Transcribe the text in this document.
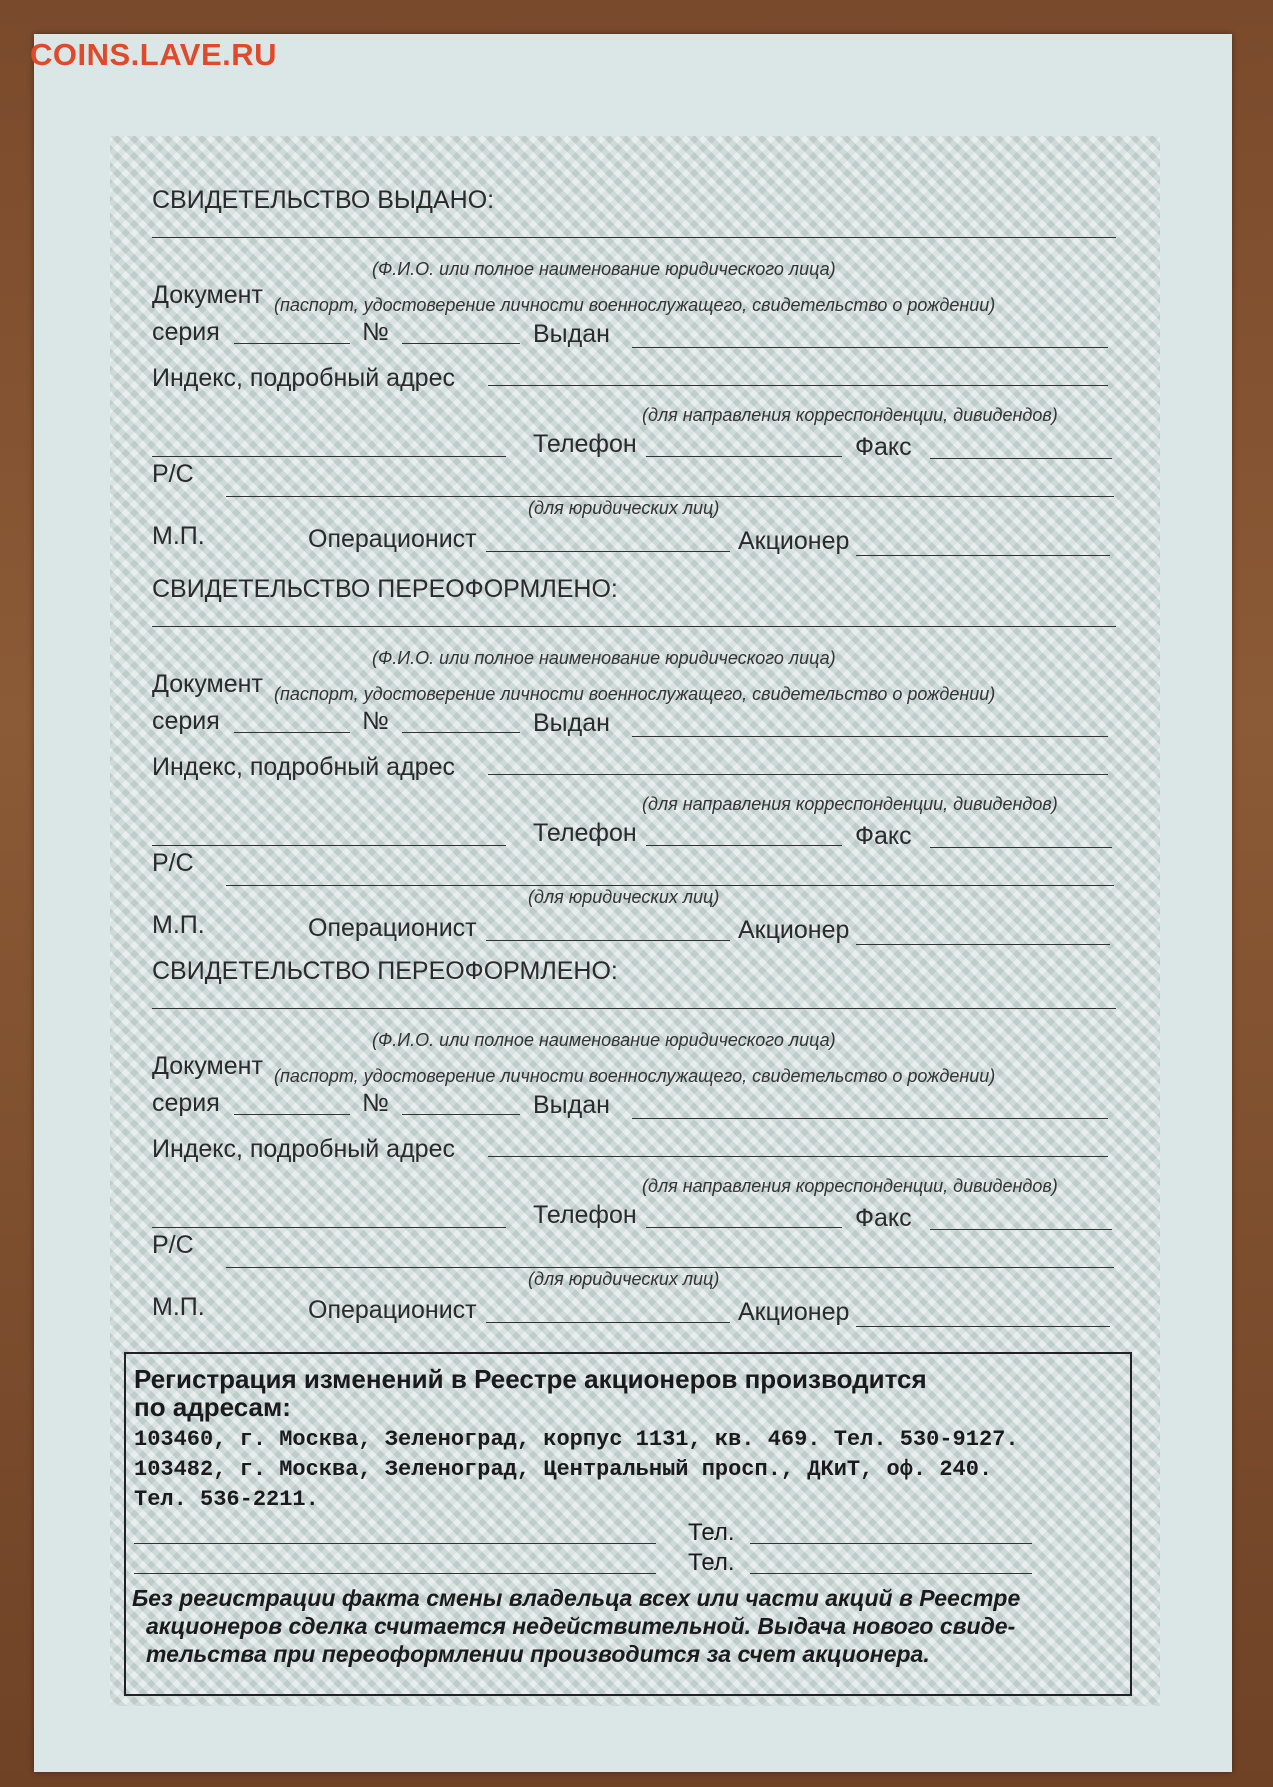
COINS.LAVE.RU
Регистрация изменений в Реестре акционеров производится
по адресам:
103460, г. Москва, Зеленоград, корпус 1131, кв. 469. Тел. 530-9127.
103482, г. Москва, Зеленоград, Центральный просп., ДКиТ, оф. 240.
Тел. 536-2211.
Тел.
Тел.
Без регистрации факта смены владельца всех или части акций в Реестре
акционеров сделка считается недействительной. Выдача нового свиде-
тельства при переоформлении производится за счет акционера.
СВИДЕТЕЛЬСТВО ВЫДАНО:
(Ф.И.О. или полное наименование юридического лица)
Документ (паспорт, удостоверение личности военнослужащего, свидетельство о рождении)
серия	№	Выдан
Индекс, подробный адрес
(для направления корреспонденции, дивидендов)
Телефон	Факс
Р/С
(для юридических лиц)
М.П.	Операционист	Акционер
СВИДЕТЕЛЬСТВО ПЕРЕОФОРМЛЕНО:
(Ф.И.О. или полное наименование юридического лица)
Документ (паспорт, удостоверение личности военнослужащего, свидетельство о рождении)
серия	№	Выдан
Индекс, подробный адрес
(для направления корреспонденции, дивидендов)
Телефон	Факс
Р/С
(для юридических лиц)
М.П.	Операционист	Акционер
СВИДЕТЕЛЬСТВО ПЕРЕОФОРМЛЕНО:
(Ф.И.О. или полное наименование юридического лица)
Документ (паспорт, удостоверение личности военнослужащего, свидетельство о рождении)
серия	№	Выдан
Индекс, подробный адрес
(для направления корреспонденции, дивидендов)
Телефон	Факс
Р/С
(для юридических лиц)
М.П.	Операционист	Акционер
